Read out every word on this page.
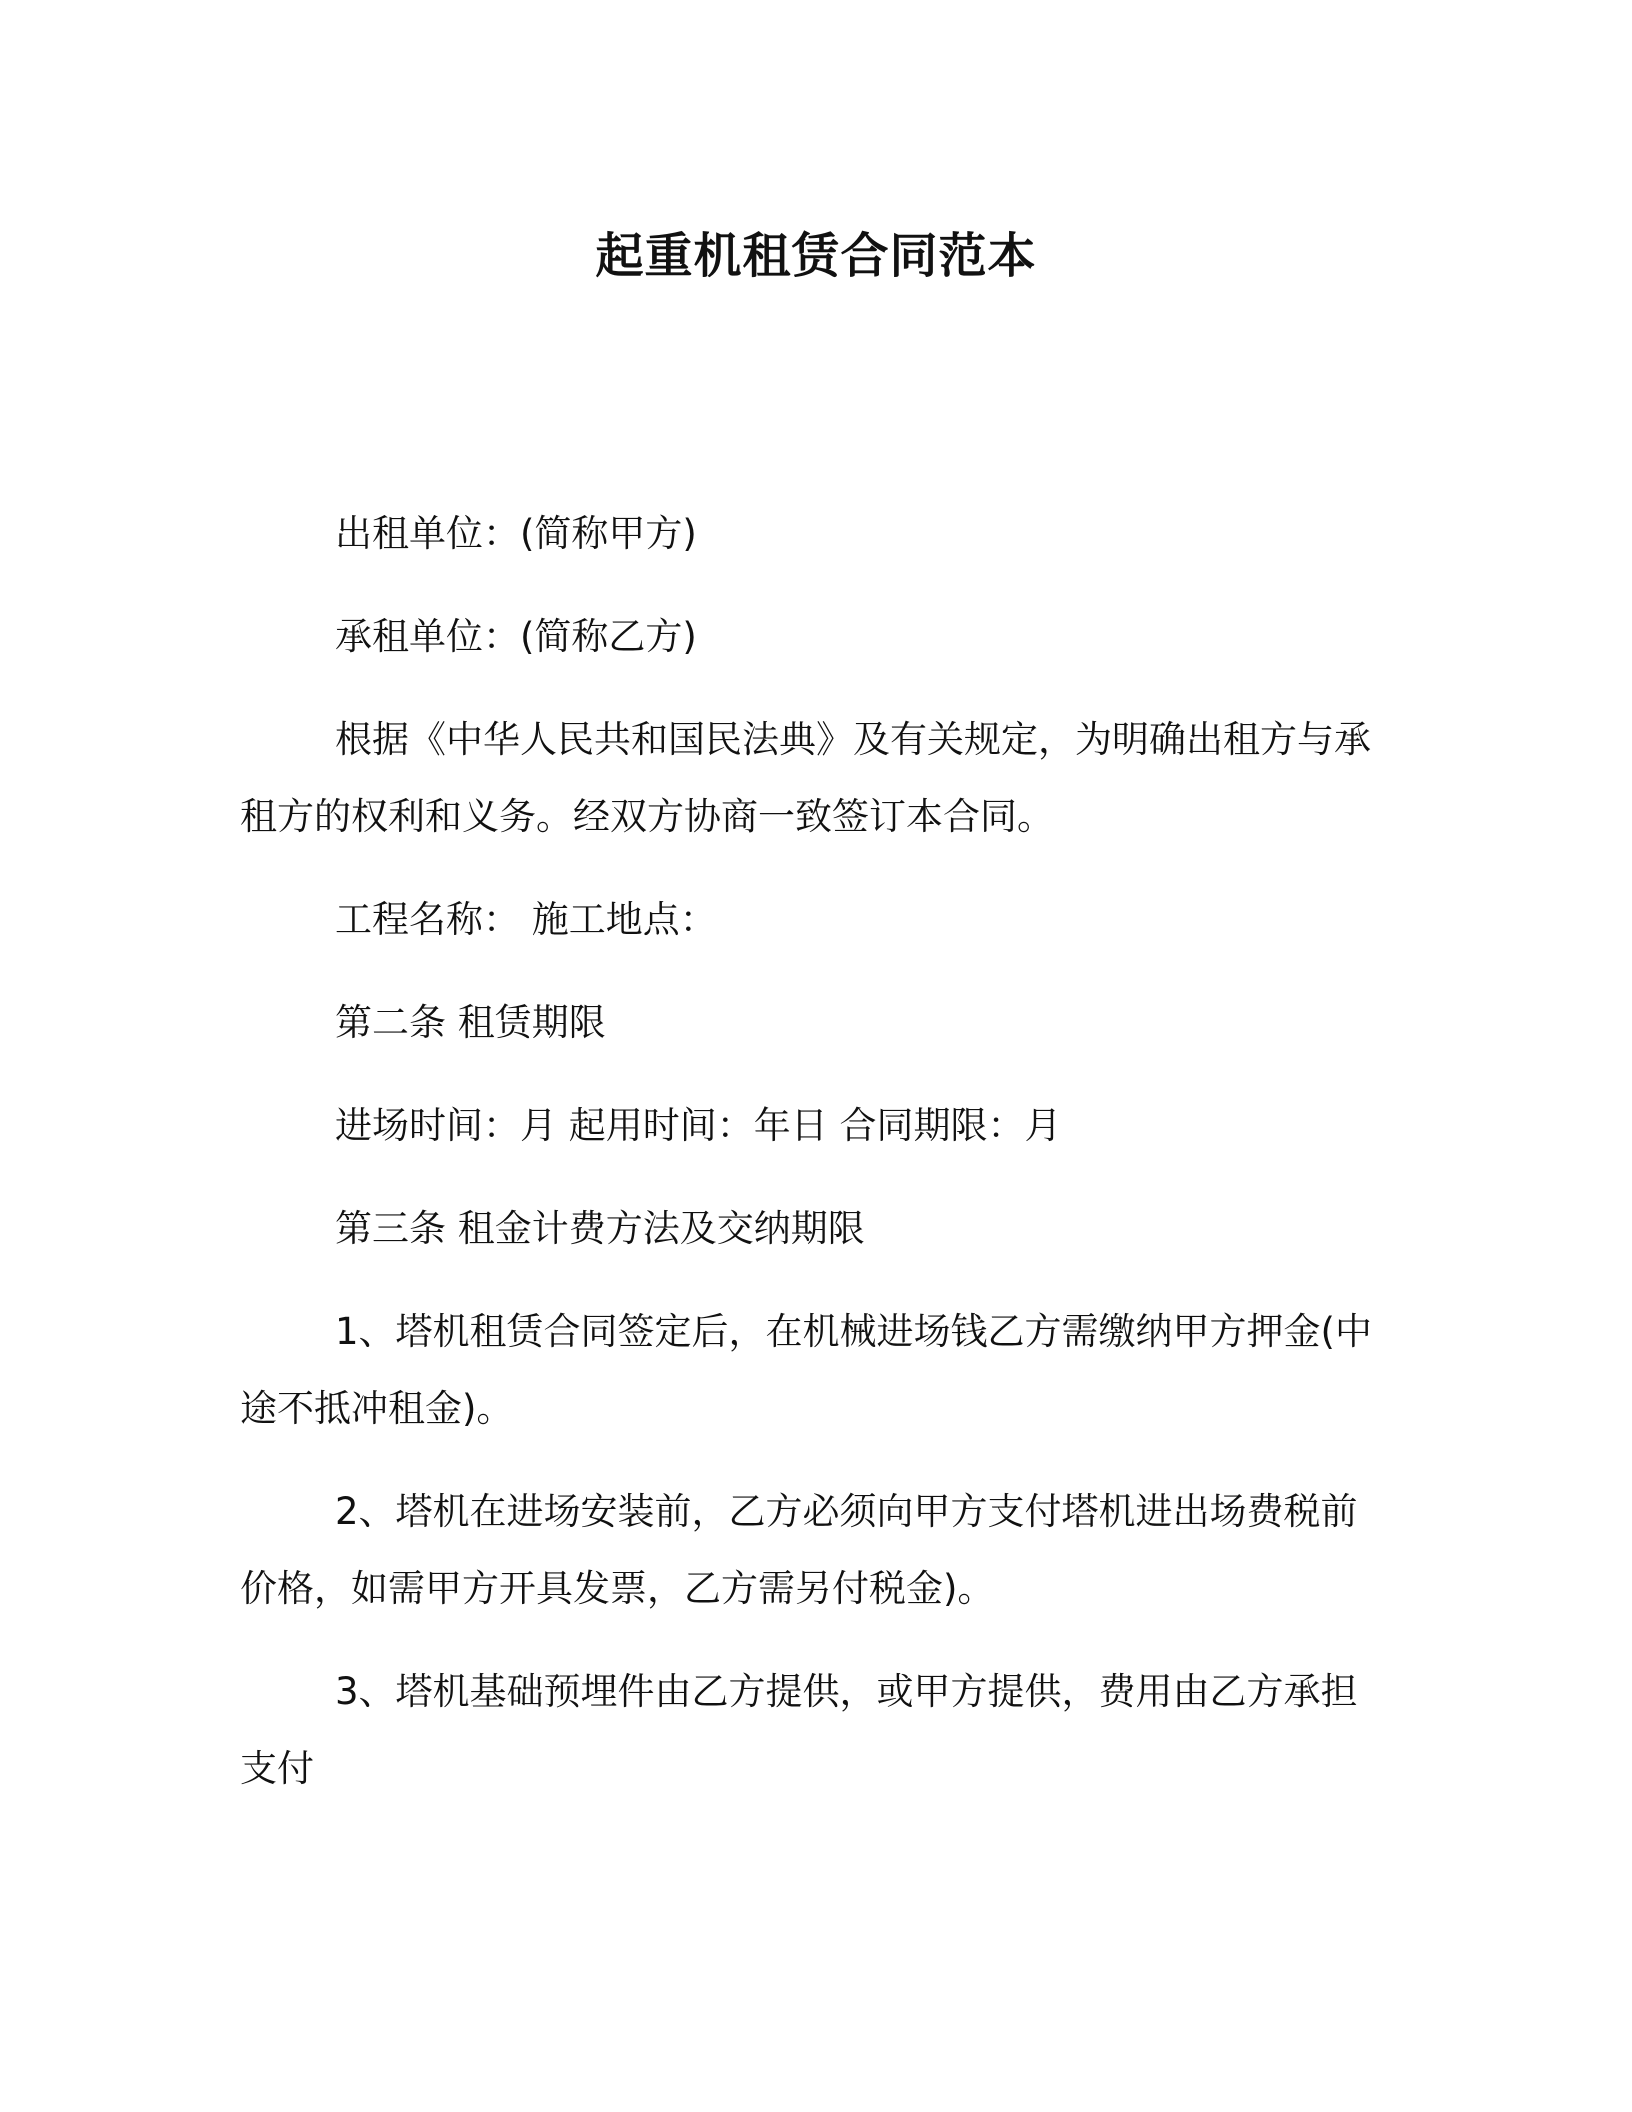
起重机租赁合同范本

出租单位：(简称甲方)

承租单位：(简称乙方)

根据《中华人民共和国民法典》及有关规定，为明确出租方与承租方的权利和义务。经双方协商一致签订本合同。

工程名称： 施工地点：

第二条 租赁期限

进场时间：月 起用时间：年日 合同期限：月

第三条 租金计费方法及交纳期限

1、塔机租赁合同签定后，在机械进场钱乙方需缴纳甲方押金(中途不抵冲租金)。

2、塔机在进场安装前，乙方必须向甲方支付塔机进出场费税前价格，如需甲方开具发票，乙方需另付税金)。

3、塔机基础预埋件由乙方提供，或甲方提供，费用由乙方承担支付
